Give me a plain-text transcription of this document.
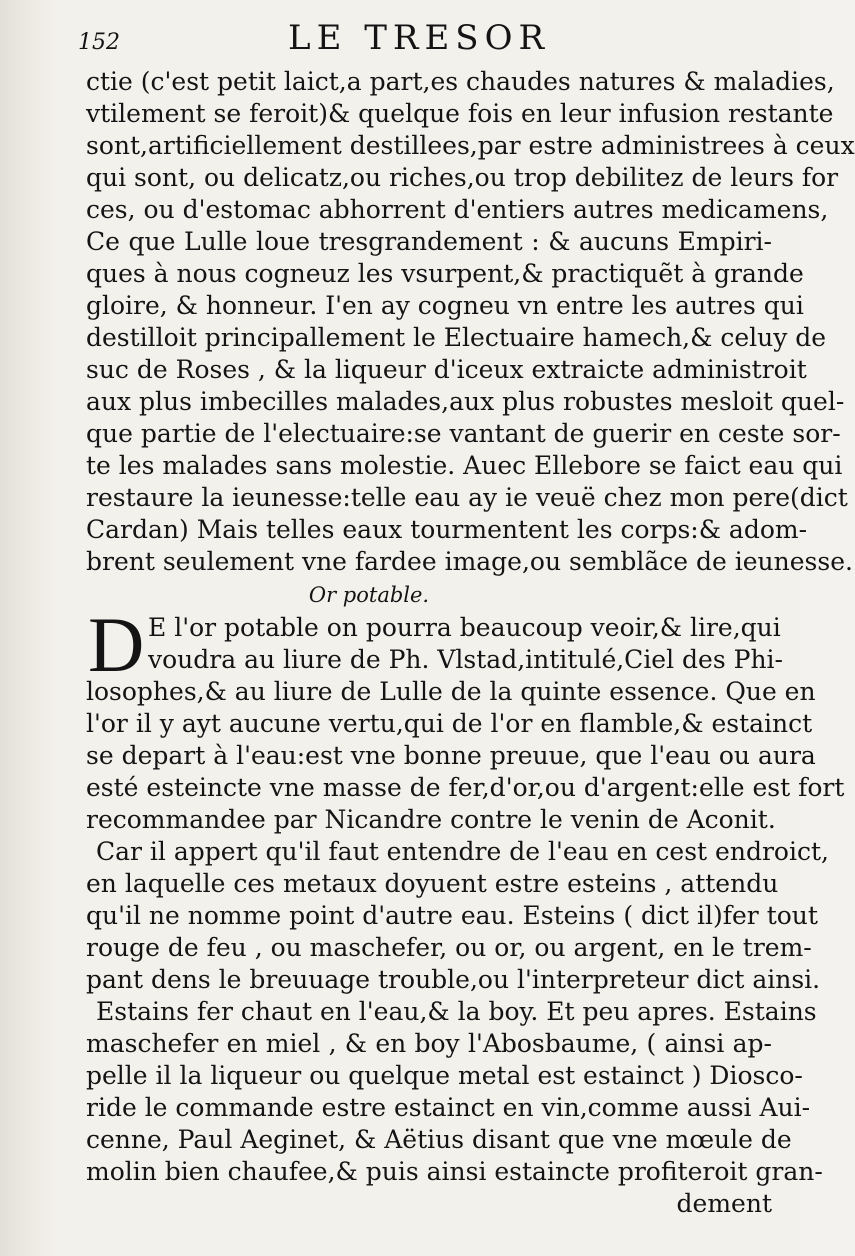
152	LE TRESOR
ctie (c'est petit laict,a part,es chaudes natures & maladies,
vtilement se feroit)& quelque fois en leur infusion restante
sont,artificiellement destillees,par estre administrees à ceux
qui sont, ou delicatz,ou riches,ou trop debilitez de leurs for
ces, ou d'estomac abhorrent d'entiers autres medicamens,
Ce que Lulle loue tresgrandement : & aucuns Empiri-
ques à nous cogneuz les vsurpent,& practiquẽt à grande
gloire, & honneur. I'en ay cogneu vn entre les autres qui
destilloit principallement le Electuaire hamech,& celuy de
suc de Roses , & la liqueur d'iceux extraicte administroit
aux plus imbecilles malades,aux plus robustes mesloit quel-
que partie de l'electuaire:se vantant de guerir en ceste sor-
te les malades sans molestie. Auec Ellebore se faict eau qui
restaure la ieunesse:telle eau ay ie veuë chez mon pere(dict
Cardan) Mais telles eaux tourmentent les corps:& adom-
brent seulement vne fardee image,ou semblãce de ieunesse.
Or potable.
D E l'or potable on pourra beaucoup veoir,& lire,qui
voudra au liure de Ph. Vlstad,intitulé,Ciel des Phi-
losophes,& au liure de Lulle de la quinte essence. Que en
l'or il y ayt aucune vertu,qui de l'or en flamble,& estainct
se depart à l'eau:est vne bonne preuue, que l'eau ou aura
esté esteincte vne masse de fer,d'or,ou d'argent:elle est fort
recommandee par Nicandre contre le venin de Aconit.
Car il appert qu'il faut entendre de l'eau en cest endroict,
en laquelle ces metaux doyuent estre esteins , attendu
qu'il ne nomme point d'autre eau. Esteins ( dict il)fer tout
rouge de feu , ou maschefer, ou or, ou argent, en le trem-
pant dens le breuuage trouble,ou l'interpreteur dict ainsi.
Estains fer chaut en l'eau,& la boy. Et peu apres. Estains
maschefer en miel , & en boy l'Abosbaume, ( ainsi ap-
pelle il la liqueur ou quelque metal est estainct ) Dioscο-
ride le commande estre estainct en vin,comme aussi Aui-
cenne, Paul Aeginet, & Aëtius disant que vne mœule de
molin bien chaufee,& puis ainsi estaincte profiteroit gran-
dement
